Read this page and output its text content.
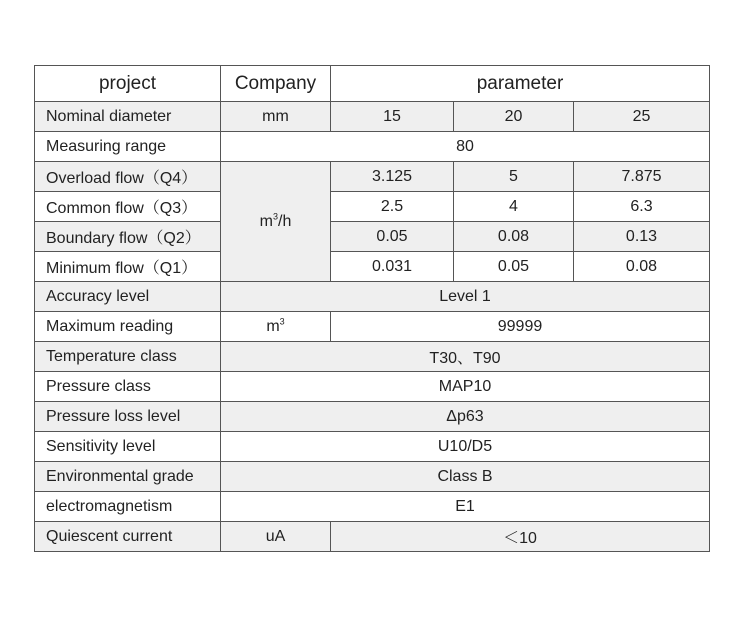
project	Company	parameter		
Nominal diameter	mm	15	20	25
Measuring range	80			
Overload flow（Q4）	$m^3/h$	3.125	5	7.875
Common flow（Q3）		2.5	4	6.3
Boundary flow（Q2）		0.05	0.08	0.13
Minimum flow（Q1）		0.031	0.05	0.08
Accuracy level	Level 1			
Maximum reading	$m^3$	99999		
Temperature class	T30、T90			
Pressure class	MAP10			
Pressure loss level	Δp63			
Sensitivity level	U10/D5			
Environmental grade	Class B			
electromagnetism	E1			
Quiescent current	uA	＜10		
